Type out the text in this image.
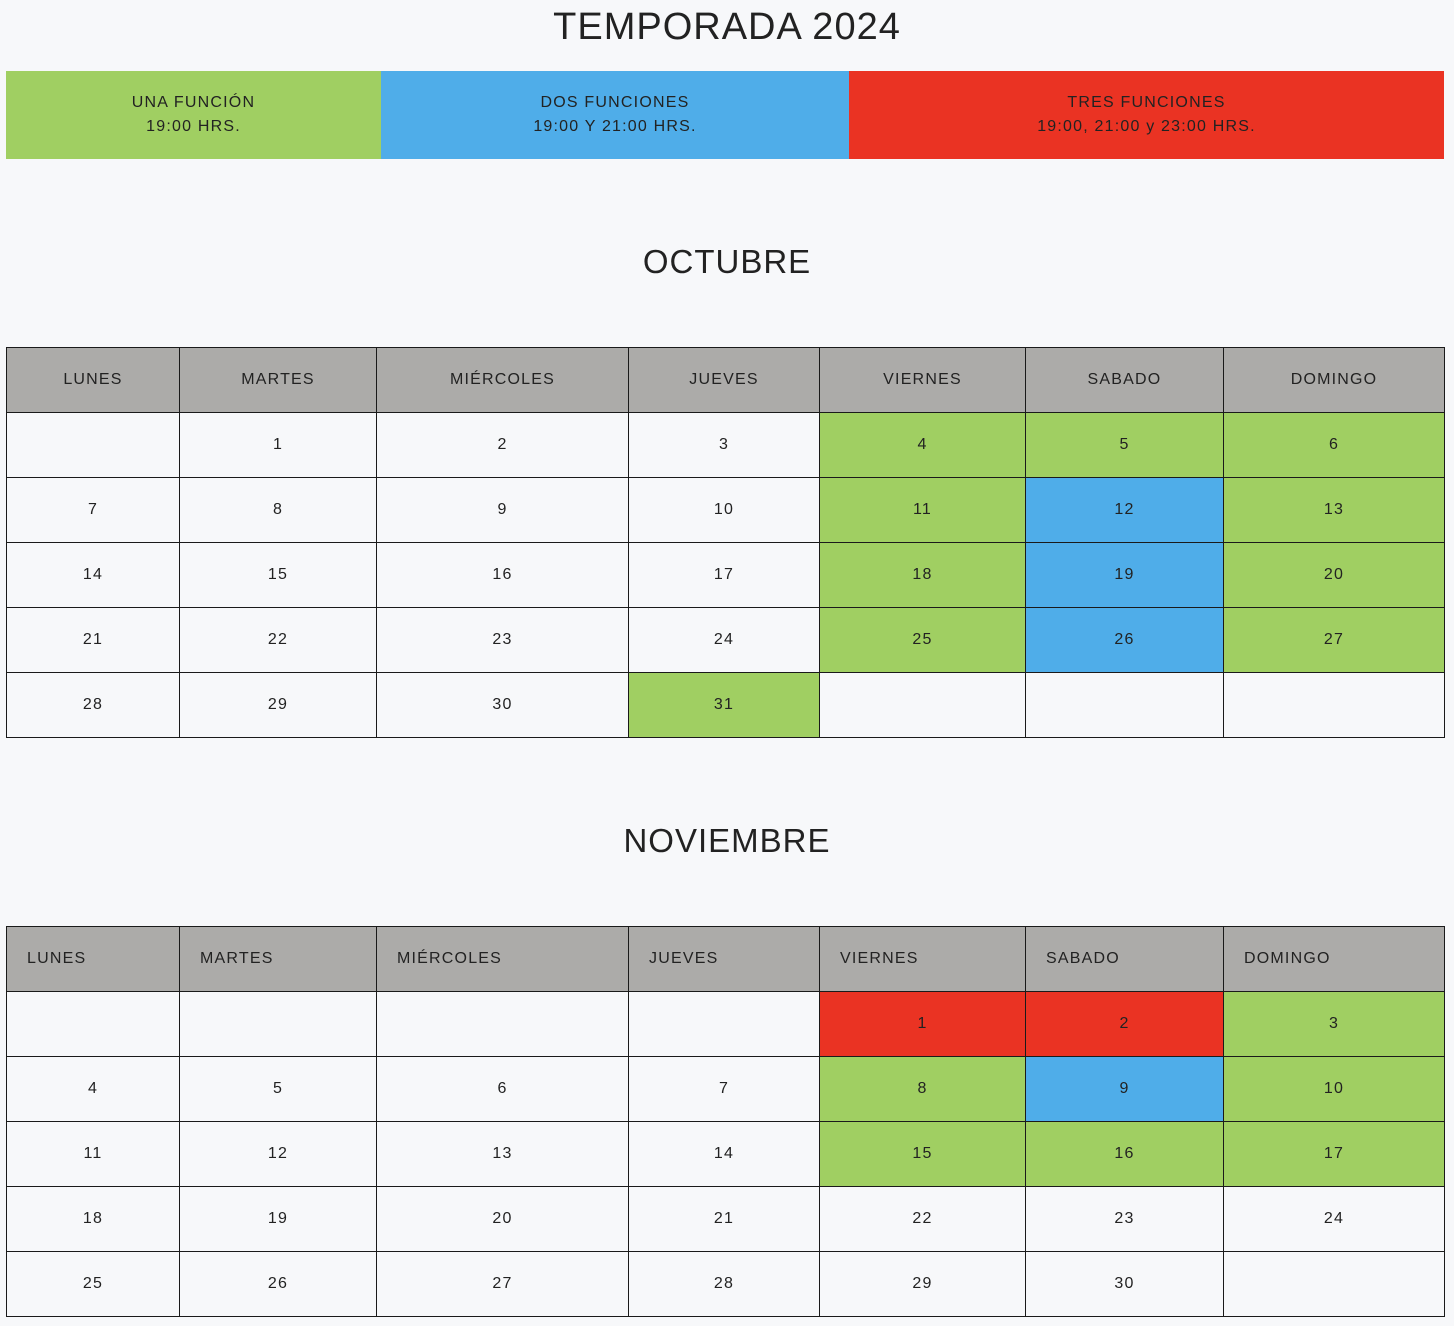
TEMPORADA 2024
UNA FUNCIÓN
19:00 HRS.
DOS FUNCIONES
19:00 Y 21:00 HRS.
TRES FUNCIONES
19:00, 21:00 y 23:00 HRS.
OCTUBRE
LUNES	MARTES	MIÉRCOLES	JUEVES	VIERNES	SABADO	DOMINGO
	1	2	3	4	5	6
7	8	9	10	11	12	13
14	15	16	17	18	19	20
21	22	23	24	25	26	27
28	29	30	31			
NOVIEMBRE
LUNES	MARTES	MIÉRCOLES	JUEVES	VIERNES	SABADO	DOMINGO
				1	2	3
4	5	6	7	8	9	10
11	12	13	14	15	16	17
18	19	20	21	22	23	24
25	26	27	28	29	30	
